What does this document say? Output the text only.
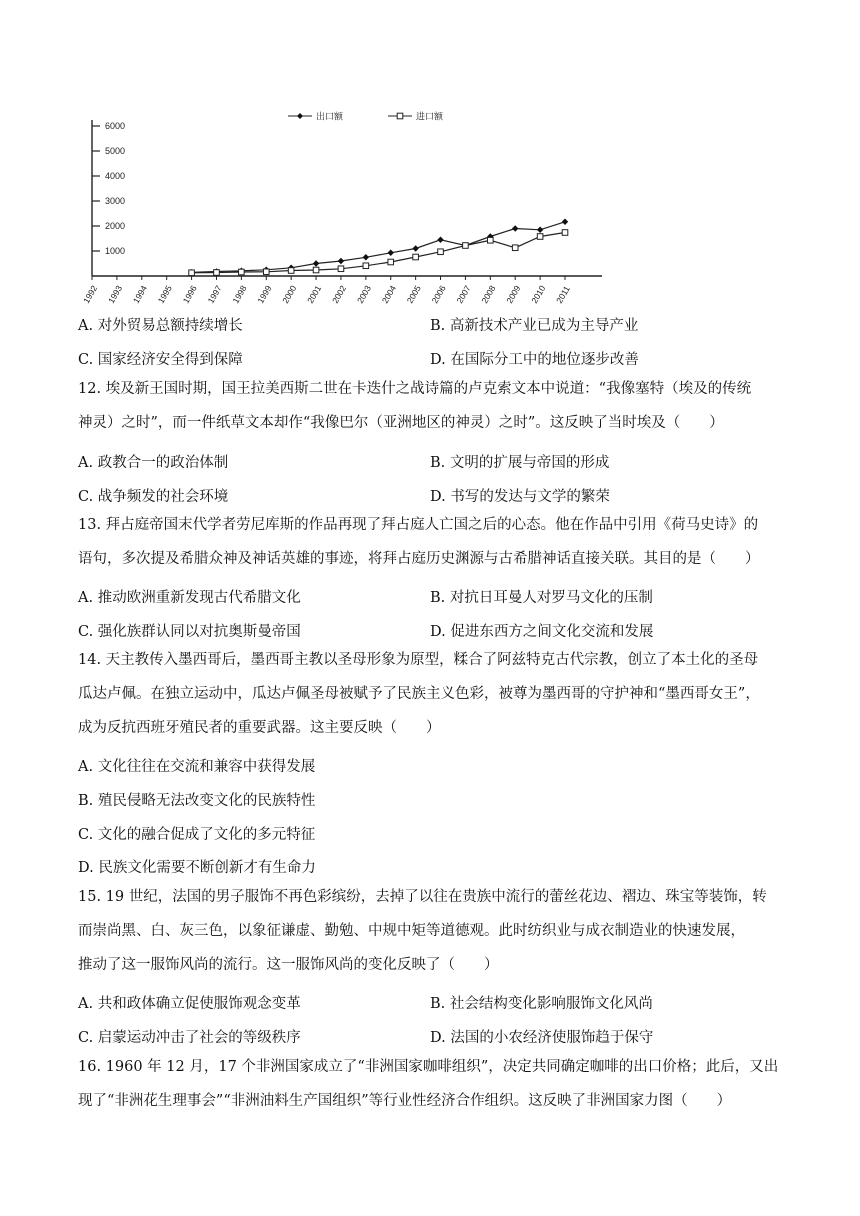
1000
2000
3000
4000
5000
6000
1992 1993 1994 1995 1996 1997 1998 1999 2000 2001 2002 2003 2004 2005 2006 2007 2008 2009 2010 2011
出口额	进口额
A. 对外贸易总额持续增长	B. 高新技术产业已成为主导产业
C. 国家经济安全得到保障	D. 在国际分工中的地位逐步改善
12. 埃及新王国时期，国王拉美西斯二世在卡迭什之战诗篇的卢克索文本中说道：“我像塞特（埃及的传统
神灵）之时”，而一件纸草文本却作“我像巴尔（亚洲地区的神灵）之时”。这反映了当时埃及（　　）
A. 政教合一的政治体制	B. 文明的扩展与帝国的形成
C. 战争频发的社会环境	D. 书写的发达与文学的繁荣
13. 拜占庭帝国末代学者劳尼库斯的作品再现了拜占庭人亡国之后的心态。他在作品中引用《荷马史诗》的
语句，多次提及希腊众神及神话英雄的事迹，将拜占庭历史渊源与古希腊神话直接关联。其目的是（　　）
A. 推动欧洲重新发现古代希腊文化	B. 对抗日耳曼人对罗马文化的压制
C. 强化族群认同以对抗奥斯曼帝国	D. 促进东西方之间文化交流和发展
14. 天主教传入墨西哥后，墨西哥主教以圣母形象为原型，糅合了阿兹特克古代宗教，创立了本土化的圣母
瓜达卢佩。在独立运动中，瓜达卢佩圣母被赋予了民族主义色彩，被尊为墨西哥的守护神和“墨西哥女王”，
成为反抗西班牙殖民者的重要武器。这主要反映（　　）
A. 文化往往在交流和兼容中获得发展
B. 殖民侵略无法改变文化的民族特性
C. 文化的融合促成了文化的多元特征
D. 民族文化需要不断创新才有生命力
15. 19 世纪，法国的男子服饰不再色彩缤纷，去掉了以往在贵族中流行的蕾丝花边、褶边、珠宝等装饰，转
而崇尚黑、白、灰三色，以象征谦虚、勤勉、中规中矩等道德观。此时纺织业与成衣制造业的快速发展，
推动了这一服饰风尚的流行。这一服饰风尚的变化反映了（　　）
A. 共和政体确立促使服饰观念变革	B. 社会结构变化影响服饰文化风尚
C. 启蒙运动冲击了社会的等级秩序	D. 法国的小农经济使服饰趋于保守
16. 1960 年 12 月，17 个非洲国家成立了“非洲国家咖啡组织”，决定共同确定咖啡的出口价格；此后，又出
现了“非洲花生理事会”“非洲油料生产国组织”等行业性经济合作组织。这反映了非洲国家力图（　　）
